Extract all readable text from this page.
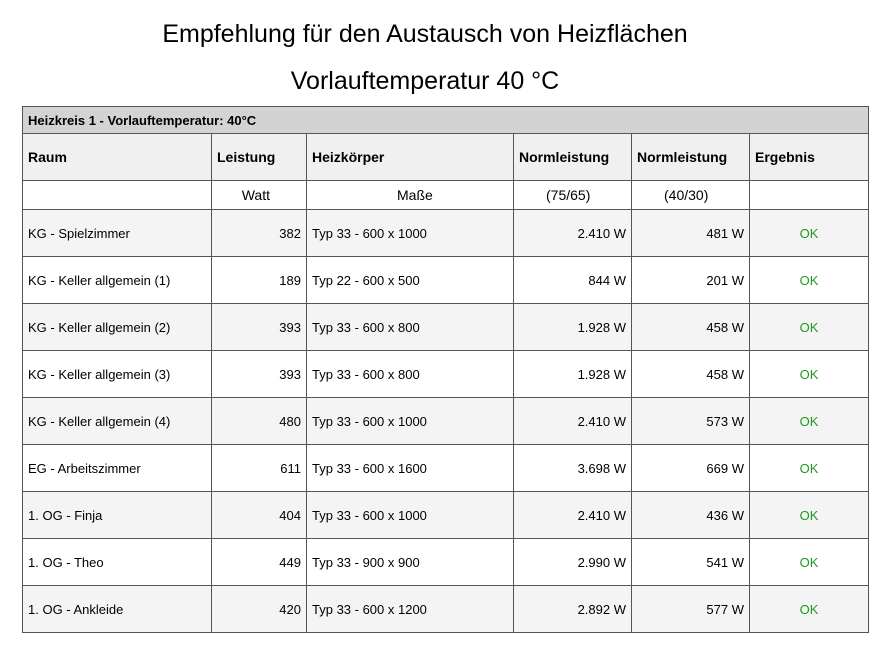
Empfehlung für den Austausch von Heizflächen
Vorlauftemperatur 40 °C
Heizkreis 1 - Vorlauftemperatur: 40°C					
Raum	Leistung	Heizkörper	Normleistung	Normleistung	Ergebnis
	Watt	Maße	(75/65)	(40/30)	
KG - Spielzimmer	382	Typ 33 - 600 x 1000	2.410 W	481 W	OK
KG - Keller allgemein (1)	189	Typ 22 - 600 x 500	844 W	201 W	OK
KG - Keller allgemein (2)	393	Typ 33 - 600 x 800	1.928 W	458 W	OK
KG - Keller allgemein (3)	393	Typ 33 - 600 x 800	1.928 W	458 W	OK
KG - Keller allgemein (4)	480	Typ 33 - 600 x 1000	2.410 W	573 W	OK
EG - Arbeitszimmer	611	Typ 33 - 600 x 1600	3.698 W	669 W	OK
1. OG - Finja	404	Typ 33 - 600 x 1000	2.410 W	436 W	OK
1. OG - Theo	449	Typ 33 - 900 x 900	2.990 W	541 W	OK
1. OG - Ankleide	420	Typ 33 - 600 x 1200	2.892 W	577 W	OK
